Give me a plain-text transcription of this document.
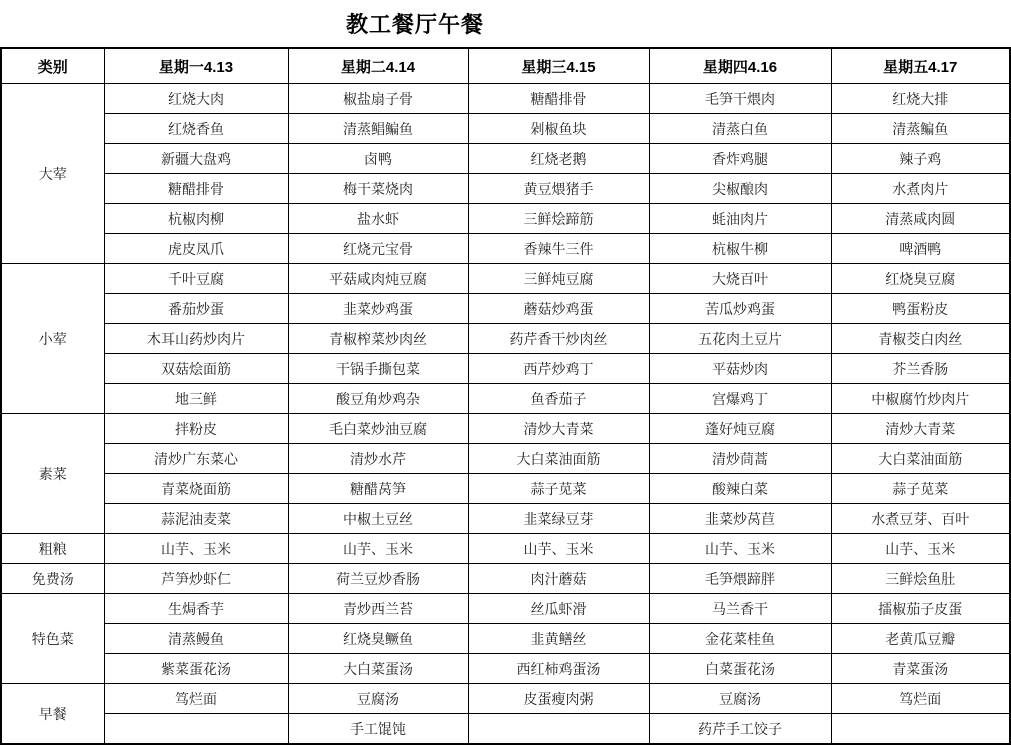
教工餐厅午餐
类别	星期一4.13	星期二4.14	星期三4.15	星期四4.16	星期五4.17
大荤	红烧大肉	椒盐扇子骨	糖醋排骨	毛笋干煨肉	红烧大排
	红烧香鱼	清蒸鲳鳊鱼	剁椒鱼块	清蒸白鱼	清蒸鳊鱼
	新疆大盘鸡	卤鸭	红烧老鹅	香炸鸡腿	辣子鸡
	糖醋排骨	梅干菜烧肉	黄豆煨猪手	尖椒酿肉	水煮肉片
	杭椒肉柳	盐水虾	三鲜烩蹄筋	蚝油肉片	清蒸咸肉圆
	虎皮凤爪	红烧元宝骨	香辣牛三件	杭椒牛柳	啤酒鸭
小荤	千叶豆腐	平菇咸肉炖豆腐	三鲜炖豆腐	大烧百叶	红烧臭豆腐
	番茄炒蛋	韭菜炒鸡蛋	蘑菇炒鸡蛋	苦瓜炒鸡蛋	鸭蛋粉皮
	木耳山药炒肉片	青椒榨菜炒肉丝	药芹香干炒肉丝	五花肉土豆片	青椒茭白肉丝
	双菇烩面筋	干锅手撕包菜	西芹炒鸡丁	平菇炒肉	芥兰香肠
	地三鲜	酸豆角炒鸡杂	鱼香茄子	宫爆鸡丁	中椒腐竹炒肉片
素菜	拌粉皮	毛白菜炒油豆腐	清炒大青菜	蓬好炖豆腐	清炒大青菜
	清炒广东菜心	清炒水芹	大白菜油面筋	清炒茼蒿	大白菜油面筋
	青菜烧面筋	糖醋莴笋	蒜子苋菜	酸辣白菜	蒜子苋菜
	蒜泥油麦菜	中椒土豆丝	韭菜绿豆芽	韭菜炒莴苣	水煮豆芽、百叶
粗粮	山芋、玉米	山芋、玉米	山芋、玉米	山芋、玉米	山芋、玉米
免费汤	芦笋炒虾仁	荷兰豆炒香肠	肉汁蘑菇	毛笋煨蹄胖	三鲜烩鱼肚
特色菜	生焗香芋	青炒西兰苔	丝瓜虾滑	马兰香干	擂椒茄子皮蛋
	清蒸鳗鱼	红烧臭鳜鱼	韭黄鳝丝	金花菜桂鱼	老黄瓜豆瓣
	紫菜蛋花汤	大白菜蛋汤	西红柿鸡蛋汤	白菜蛋花汤	青菜蛋汤
早餐	笃烂面	豆腐汤	皮蛋瘦肉粥	豆腐汤	笃烂面
		手工馄饨		药芹手工饺子	
